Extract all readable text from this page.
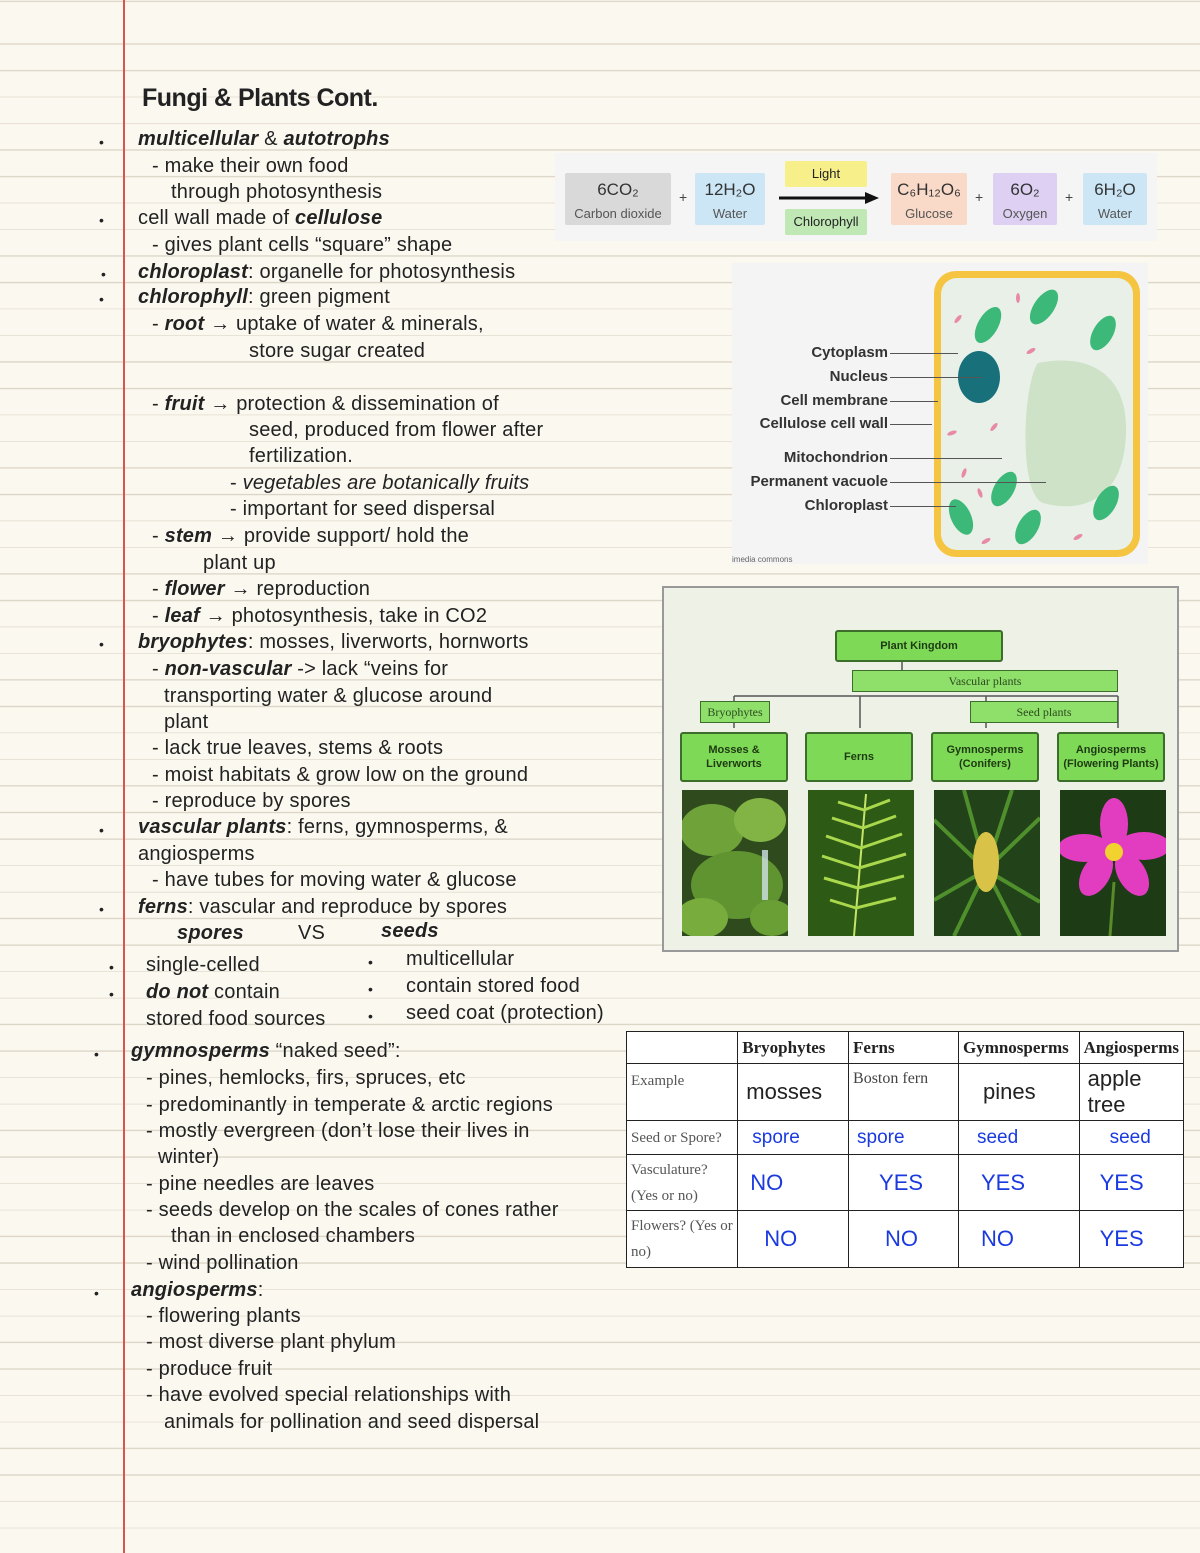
Fungi & Plants Cont.
•
•
•
•
•
•
•
•
•
•
•
•
•
•
multicellular & autotrophs
- make their own food
through photosynthesis
cell wall made of cellulose
- gives plant cells “square” shape
chloroplast: organelle for photosynthesis
chlorophyll: green pigment
- root → uptake of water & minerals,
store sugar created
- fruit → protection & dissemination of
seed, produced from flower after
fertilization.
- vegetables are botanically fruits
- important for seed dispersal
- stem → provide support/ hold the
plant up
- flower → reproduction
- leaf → photosynthesis, take in CO2
bryophytes: mosses, liverworts, hornworts
- non-vascular -> lack “veins for
transporting water & glucose around
plant
- lack true leaves, stems & roots
- moist habitats & grow low on the ground
- reproduce by spores
vascular plants: ferns, gymnosperms, &
angiosperms
- have tubes for moving water & glucose
ferns: vascular and reproduce by spores
spores	VS	seeds
single-celled
do not contain
stored food sources
multicellular
contain stored food
seed coat (protection)
gymnosperms “naked seed”:
- pines, hemlocks, firs, spruces, etc
- predominantly in temperate & arctic regions
- mostly evergreen (don’t lose their lives in
winter)
- pine needles are leaves
- seeds develop on the scales of cones rather
than in enclosed chambers
- wind pollination
angiosperms:
- flowering plants
- most diverse plant phylum
- produce fruit
- have evolved special relationships with
animals for pollination and seed dispersal
6CO₂
Carbon dioxide
+	12H₂O
Water
Light
Chlorophyll
C₆H₁₂O₆
Glucose
+	6O₂
Oxygen
+	6H₂O
Water
Cytoplasm
Nucleus
Cell membrane
Cellulose cell wall
Mitochondrion
Permanent vacuole
Chloroplast
imedia commons
Plant Kingdom
Vascular plants
Bryophytes	Seed plants
Mosses & Liverworts
Ferns
Gymnosperms (Conifers)
Angiosperms (Flowering Plants)
	Bryophytes	Ferns	Gymnosperms	Angiosperms
Example	mosses	Boston fern	pines	apple tree
Seed or Spore?	spore	spore	seed	seed
Vasculature? (Yes or no)	NO	YES	YES	YES
Flowers? (Yes or no)	NO	NO	NO	YES
